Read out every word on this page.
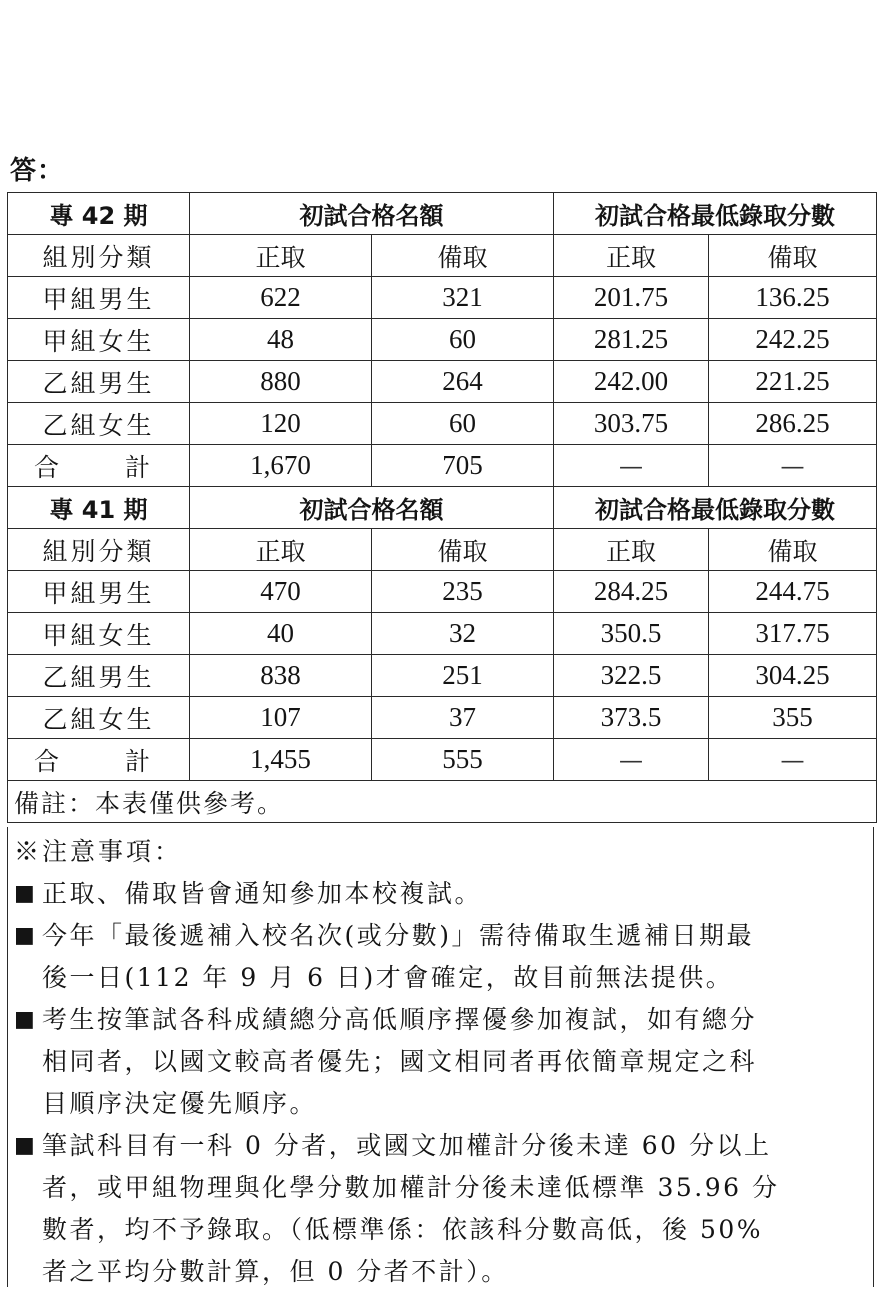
答：
專 42 期	初試合格名額		初試合格最低錄取分數	
組別分類	正取	備取	正取	備取
甲組男生	622	321	201.75	136.25
甲組女生	48	60	281.25	242.25
乙組男生	880	264	242.00	221.25
乙組女生	120	60	303.75	286.25
合 計	1,670	705	—	—
專 41 期	初試合格名額		初試合格最低錄取分數	
組別分類	正取	備取	正取	備取
甲組男生	470	235	284.25	244.75
甲組女生	40	32	350.5	317.75
乙組男生	838	251	322.5	304.25
乙組女生	107	37	373.5	355
合 計	1,455	555	—	—
備註：本表僅供參考。				
※注意事項：
■ 正取、備取皆會通知參加本校複試。
■ 今年「最後遞補入校名次(或分數)」需待備取生遞補日期最
後一日(112 年 9 月 6 日)才會確定，故目前無法提供。
■ 考生按筆試各科成績總分高低順序擇優參加複試，如有總分
相同者，以國文較高者優先；國文相同者再依簡章規定之科
目順序決定優先順序。
■ 筆試科目有一科 0 分者，或國文加權計分後未達 60 分以上
者，或甲組物理與化學分數加權計分後未達低標準 35.96 分
數者，均不予錄取。（低標準係：依該科分數高低，後 50%
者之平均分數計算，但 0 分者不計）。
